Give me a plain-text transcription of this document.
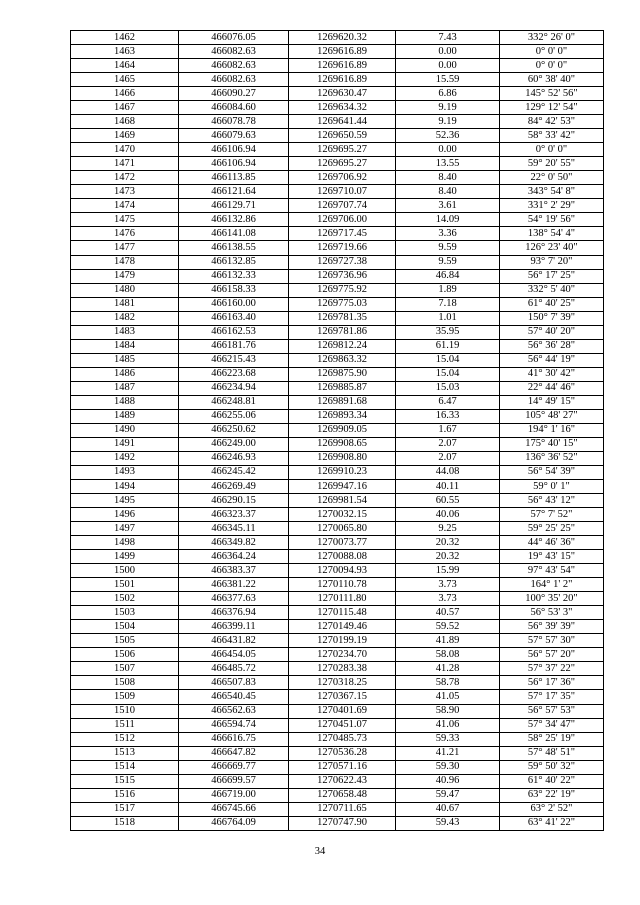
1462	466076.05	1269620.32	7.43	332° 26' 0"
1463	466082.63	1269616.89	0.00	0° 0' 0"
1464	466082.63	1269616.89	0.00	0° 0' 0"
1465	466082.63	1269616.89	15.59	60° 38' 40"
1466	466090.27	1269630.47	6.86	145° 52' 56"
1467	466084.60	1269634.32	9.19	129° 12' 54"
1468	466078.78	1269641.44	9.19	84° 42' 53"
1469	466079.63	1269650.59	52.36	58° 33' 42"
1470	466106.94	1269695.27	0.00	0° 0' 0"
1471	466106.94	1269695.27	13.55	59° 20' 55"
1472	466113.85	1269706.92	8.40	22° 0' 50"
1473	466121.64	1269710.07	8.40	343° 54' 8"
1474	466129.71	1269707.74	3.61	331° 2' 29"
1475	466132.86	1269706.00	14.09	54° 19' 56"
1476	466141.08	1269717.45	3.36	138° 54' 4"
1477	466138.55	1269719.66	9.59	126° 23' 40"
1478	466132.85	1269727.38	9.59	93° 7' 20"
1479	466132.33	1269736.96	46.84	56° 17' 25"
1480	466158.33	1269775.92	1.89	332° 5' 40"
1481	466160.00	1269775.03	7.18	61° 40' 25"
1482	466163.40	1269781.35	1.01	150° 7' 39"
1483	466162.53	1269781.86	35.95	57° 40' 20"
1484	466181.76	1269812.24	61.19	56° 36' 28"
1485	466215.43	1269863.32	15.04	56° 44' 19"
1486	466223.68	1269875.90	15.04	41° 30' 42"
1487	466234.94	1269885.87	15.03	22° 44' 46"
1488	466248.81	1269891.68	6.47	14° 49' 15"
1489	466255.06	1269893.34	16.33	105° 48' 27"
1490	466250.62	1269909.05	1.67	194° 1' 16"
1491	466249.00	1269908.65	2.07	175° 40' 15"
1492	466246.93	1269908.80	2.07	136° 36' 52"
1493	466245.42	1269910.23	44.08	56° 54' 39"
1494	466269.49	1269947.16	40.11	59° 0' 1"
1495	466290.15	1269981.54	60.55	56° 43' 12"
1496	466323.37	1270032.15	40.06	57° 7' 52"
1497	466345.11	1270065.80	9.25	59° 25' 25"
1498	466349.82	1270073.77	20.32	44° 46' 36"
1499	466364.24	1270088.08	20.32	19° 43' 15"
1500	466383.37	1270094.93	15.99	97° 43' 54"
1501	466381.22	1270110.78	3.73	164° 1' 2"
1502	466377.63	1270111.80	3.73	100° 35' 20"
1503	466376.94	1270115.48	40.57	56° 53' 3"
1504	466399.11	1270149.46	59.52	56° 39' 39"
1505	466431.82	1270199.19	41.89	57° 57' 30"
1506	466454.05	1270234.70	58.08	56° 57' 20"
1507	466485.72	1270283.38	41.28	57° 37' 22"
1508	466507.83	1270318.25	58.78	56° 17' 36"
1509	466540.45	1270367.15	41.05	57° 17' 35"
1510	466562.63	1270401.69	58.90	56° 57' 53"
1511	466594.74	1270451.07	41.06	57° 34' 47"
1512	466616.75	1270485.73	59.33	58° 25' 19"
1513	466647.82	1270536.28	41.21	57° 48' 51"
1514	466669.77	1270571.16	59.30	59° 50' 32"
1515	466699.57	1270622.43	40.96	61° 40' 22"
1516	466719.00	1270658.48	59.47	63° 22' 19"
1517	466745.66	1270711.65	40.67	63° 2' 52"
1518	466764.09	1270747.90	59.43	63° 41' 22"
34
